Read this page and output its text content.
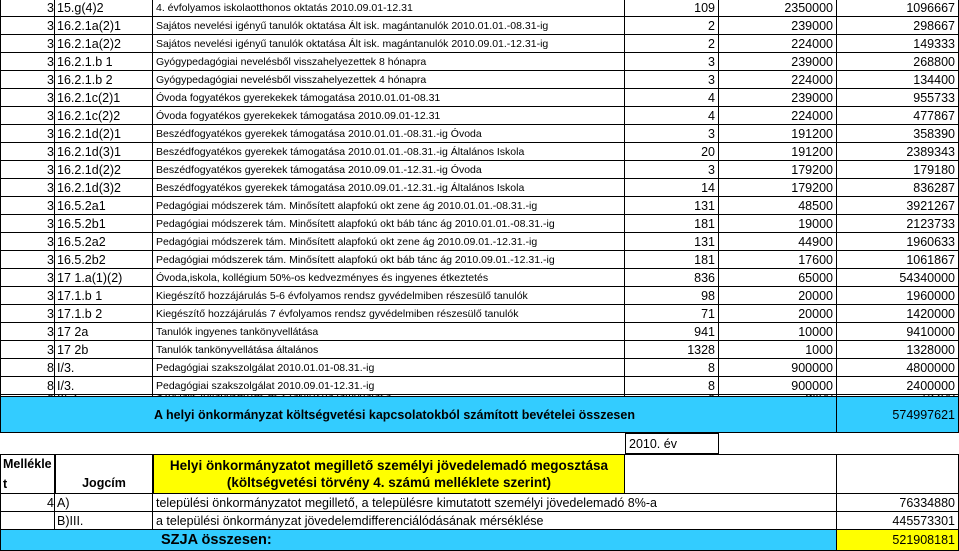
3 15.g(4)2	4. évfolyamos iskolaotthonos oktatás 2010.09.01-12.31	109	2350000	1096667
3 16.2.1a(2)1	Sajátos nevelési igényű tanulók oktatása Ált isk. magántanulók 2010.01.01.-08.31-ig	2	239000	298667
3 16.2.1a(2)2	Sajátos nevelési igényű tanulók oktatása Ált isk. magántanulók 2010.09.01.-12.31-ig	2	224000	149333
3 16.2.1.b 1	Gyógypedagógiai nevelésből visszahelyezettek 8 hónapra	3	239000	268800
3 16.2.1.b 2	Gyógypedagógiai nevelésből visszahelyezettek 4 hónapra	3	224000	134400
3 16.2.1c(2)1	Óvoda fogyatékos gyerekekek támogatása 2010.01.01-08.31	4	239000	955733
3 16.2.1c(2)2	Óvoda fogyatékos gyerekekek támogatása 2010.09.01-12.31	4	224000	477867
3 16.2.1d(2)1	Beszédfogyatékos gyerekek támogatása 2010.01.01.-08.31.-ig Óvoda	3	191200	358390
3 16.2.1d(3)1	Beszédfogyatékos gyerekek támogatása 2010.01.01.-08.31.-ig Általános Iskola	20	191200	2389343
3 16.2.1d(2)2	Beszédfogyatékos gyerekek támogatása 2010.09.01.-12.31.-ig Óvoda	3	179200	179180
3 16.2.1d(3)2	Beszédfogyatékos gyerekek támogatása 2010.09.01.-12.31.-ig Általános Iskola	14	179200	836287
3 16.5.2a1	Pedagógiai módszerek tám. Minősített alapfokú okt zene ág 2010.01.01.-08.31.-ig	131	48500	3921267
3 16.5.2b1	Pedagógiai módszerek tám. Minősített alapfokú okt báb tánc ág 2010.01.01.-08.31.-ig	181	19000	2123733
3 16.5.2a2	Pedagógiai módszerek tám. Minősített alapfokú okt zene ág 2010.09.01.-12.31.-ig	131	44900	1960633
3 16.5.2b2	Pedagógiai módszerek tám. Minősített alapfokú okt báb tánc ág 2010.09.01.-12.31.-ig	181	17600	1061867
3 17 1.a(1)(2)	Óvoda,iskola, kollégium 50%-os kedvezményes és ingyenes étkeztetés	836	65000	54340000
3 17.1.b 1	Kiegészítő hozzájárulás 5-6 évfolyamos rendsz gyvédelmiben részesülő tanulók	98	20000	1960000
3 17.1.b 2	Kiegészítő hozzájárulás 7 évfolyamos rendsz gyvédelmiben részesülő tanulók	71	20000	1420000
3 17 2a	Tanulók ingyenes tankönyvellátása	941	10000	9410000
3 17 2b	Tanulók tankönyvellátása általános	1328	1000	1328000
8 I/3.	Pedagógiai szakszolgálat 2010.01.01-08.31.-ig	8	900000	4800000
8 I/3.	Pedagógiai szakszolgálat 2010.09.01-12.31.-ig	8	900000	2400000
A helyi önkormányzat költségvetési kapcsolatokból számított bevételei összesen	574997621
2010. év
Mellékle
t	Jogcím
Helyi önkormányzatot megillető személyi jövedelemadó megosztása
(költségvetési törvény 4. számú melléklete szerint)
4 A)	települési önkormányzatot megillető, a településre kimutatott személyi jövedelemadó 8%-a	76334880
B)III.	a települési önkormányzat jövedelemdifferenciálódásának mérséklése	445573301
SZJA összesen:	521908181
